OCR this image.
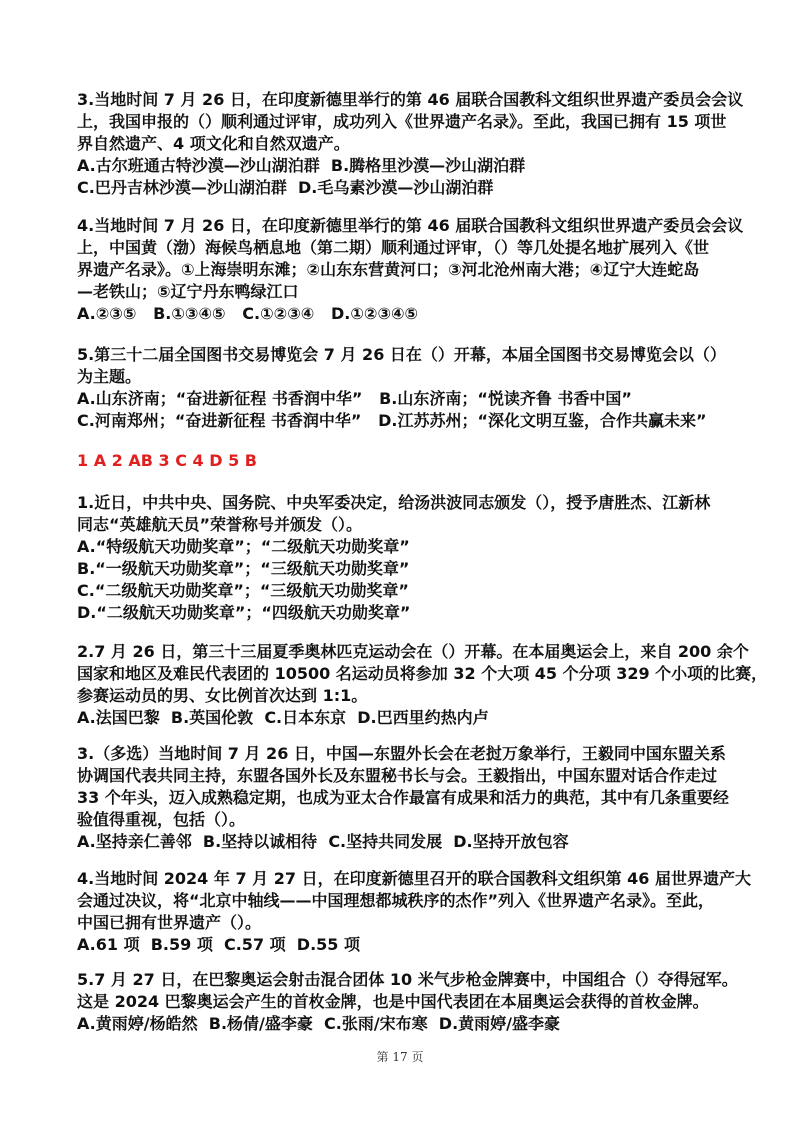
3.当地时间 7 月 26 日，在印度新德里举行的第 46 届联合国教科文组织世界遗产委员会会议

上，我国申报的（）顺利通过评审，成功列入《世界遗产名录》。至此，我国已拥有 15 项世

界自然遗产、4 项文化和自然双遗产。

A.古尔班通古特沙漠—沙山湖泊群  B.腾格里沙漠—沙山湖泊群

C.巴丹吉林沙漠—沙山湖泊群  D.毛乌素沙漠—沙山湖泊群

4.当地时间 7 月 26 日，在印度新德里举行的第 46 届联合国教科文组织世界遗产委员会会议

上，中国黄（渤）海候鸟栖息地（第二期）顺利通过评审，（）等几处提名地扩展列入《世

界遗产名录》。①上海崇明东滩；②山东东营黄河口；③河北沧州南大港；④辽宁大连蛇岛

—老铁山；⑤辽宁丹东鸭绿江口

A.②③⑤   B.①③④⑤   C.①②③④   D.①②③④⑤

5.第三十二届全国图书交易博览会 7 月 26 日在（）开幕，本届全国图书交易博览会以（）

为主题。

A.山东济南；“奋进新征程 书香润中华”   B.山东济南；“悦读齐鲁 书香中国”

C.河南郑州；“奋进新征程 书香润中华”   D.江苏苏州；“深化文明互鉴，合作共赢未来”

1 A 2 AB 3 C 4 D 5 B

1.近日，中共中央、国务院、中央军委决定，给汤洪波同志颁发（），授予唐胜杰、江新林

同志“英雄航天员”荣誉称号并颁发（）。

A.“特级航天功勋奖章”；“二级航天功勋奖章”

B.“一级航天功勋奖章”；“三级航天功勋奖章”

C.“二级航天功勋奖章”；“三级航天功勋奖章”

D.“二级航天功勋奖章”；“四级航天功勋奖章”

2.7 月 26 日，第三十三届夏季奥林匹克运动会在（）开幕。在本届奥运会上，来自 200 余个

国家和地区及难民代表团的 10500 名运动员将参加 32 个大项 45 个分项 329 个小项的比赛，

参赛运动员的男、女比例首次达到 1:1。

A.法国巴黎  B.英国伦敦  C.日本东京  D.巴西里约热内卢

3.（多选）当地时间 7 月 26 日，中国—东盟外长会在老挝万象举行，王毅同中国东盟关系

协调国代表共同主持，东盟各国外长及东盟秘书长与会。王毅指出，中国东盟对话合作走过

33 个年头，迈入成熟稳定期，也成为亚太合作最富有成果和活力的典范，其中有几条重要经

验值得重视，包括（）。

A.坚持亲仁善邻  B.坚持以诚相待  C.坚持共同发展  D.坚持开放包容

4.当地时间 2024 年 7 月 27 日，在印度新德里召开的联合国教科文组织第 46 届世界遗产大

会通过决议，将“北京中轴线——中国理想都城秩序的杰作”列入《世界遗产名录》。至此，

中国已拥有世界遗产（）。

A.61 项  B.59 项  C.57 项  D.55 项

5.7 月 27 日，在巴黎奥运会射击混合团体 10 米气步枪金牌赛中，中国组合（）夺得冠军。

这是 2024 巴黎奥运会产生的首枚金牌，也是中国代表团在本届奥运会获得的首枚金牌。

A.黄雨婷/杨皓然  B.杨倩/盛李豪  C.张雨/宋布寒  D.黄雨婷/盛李豪

第 17 页
